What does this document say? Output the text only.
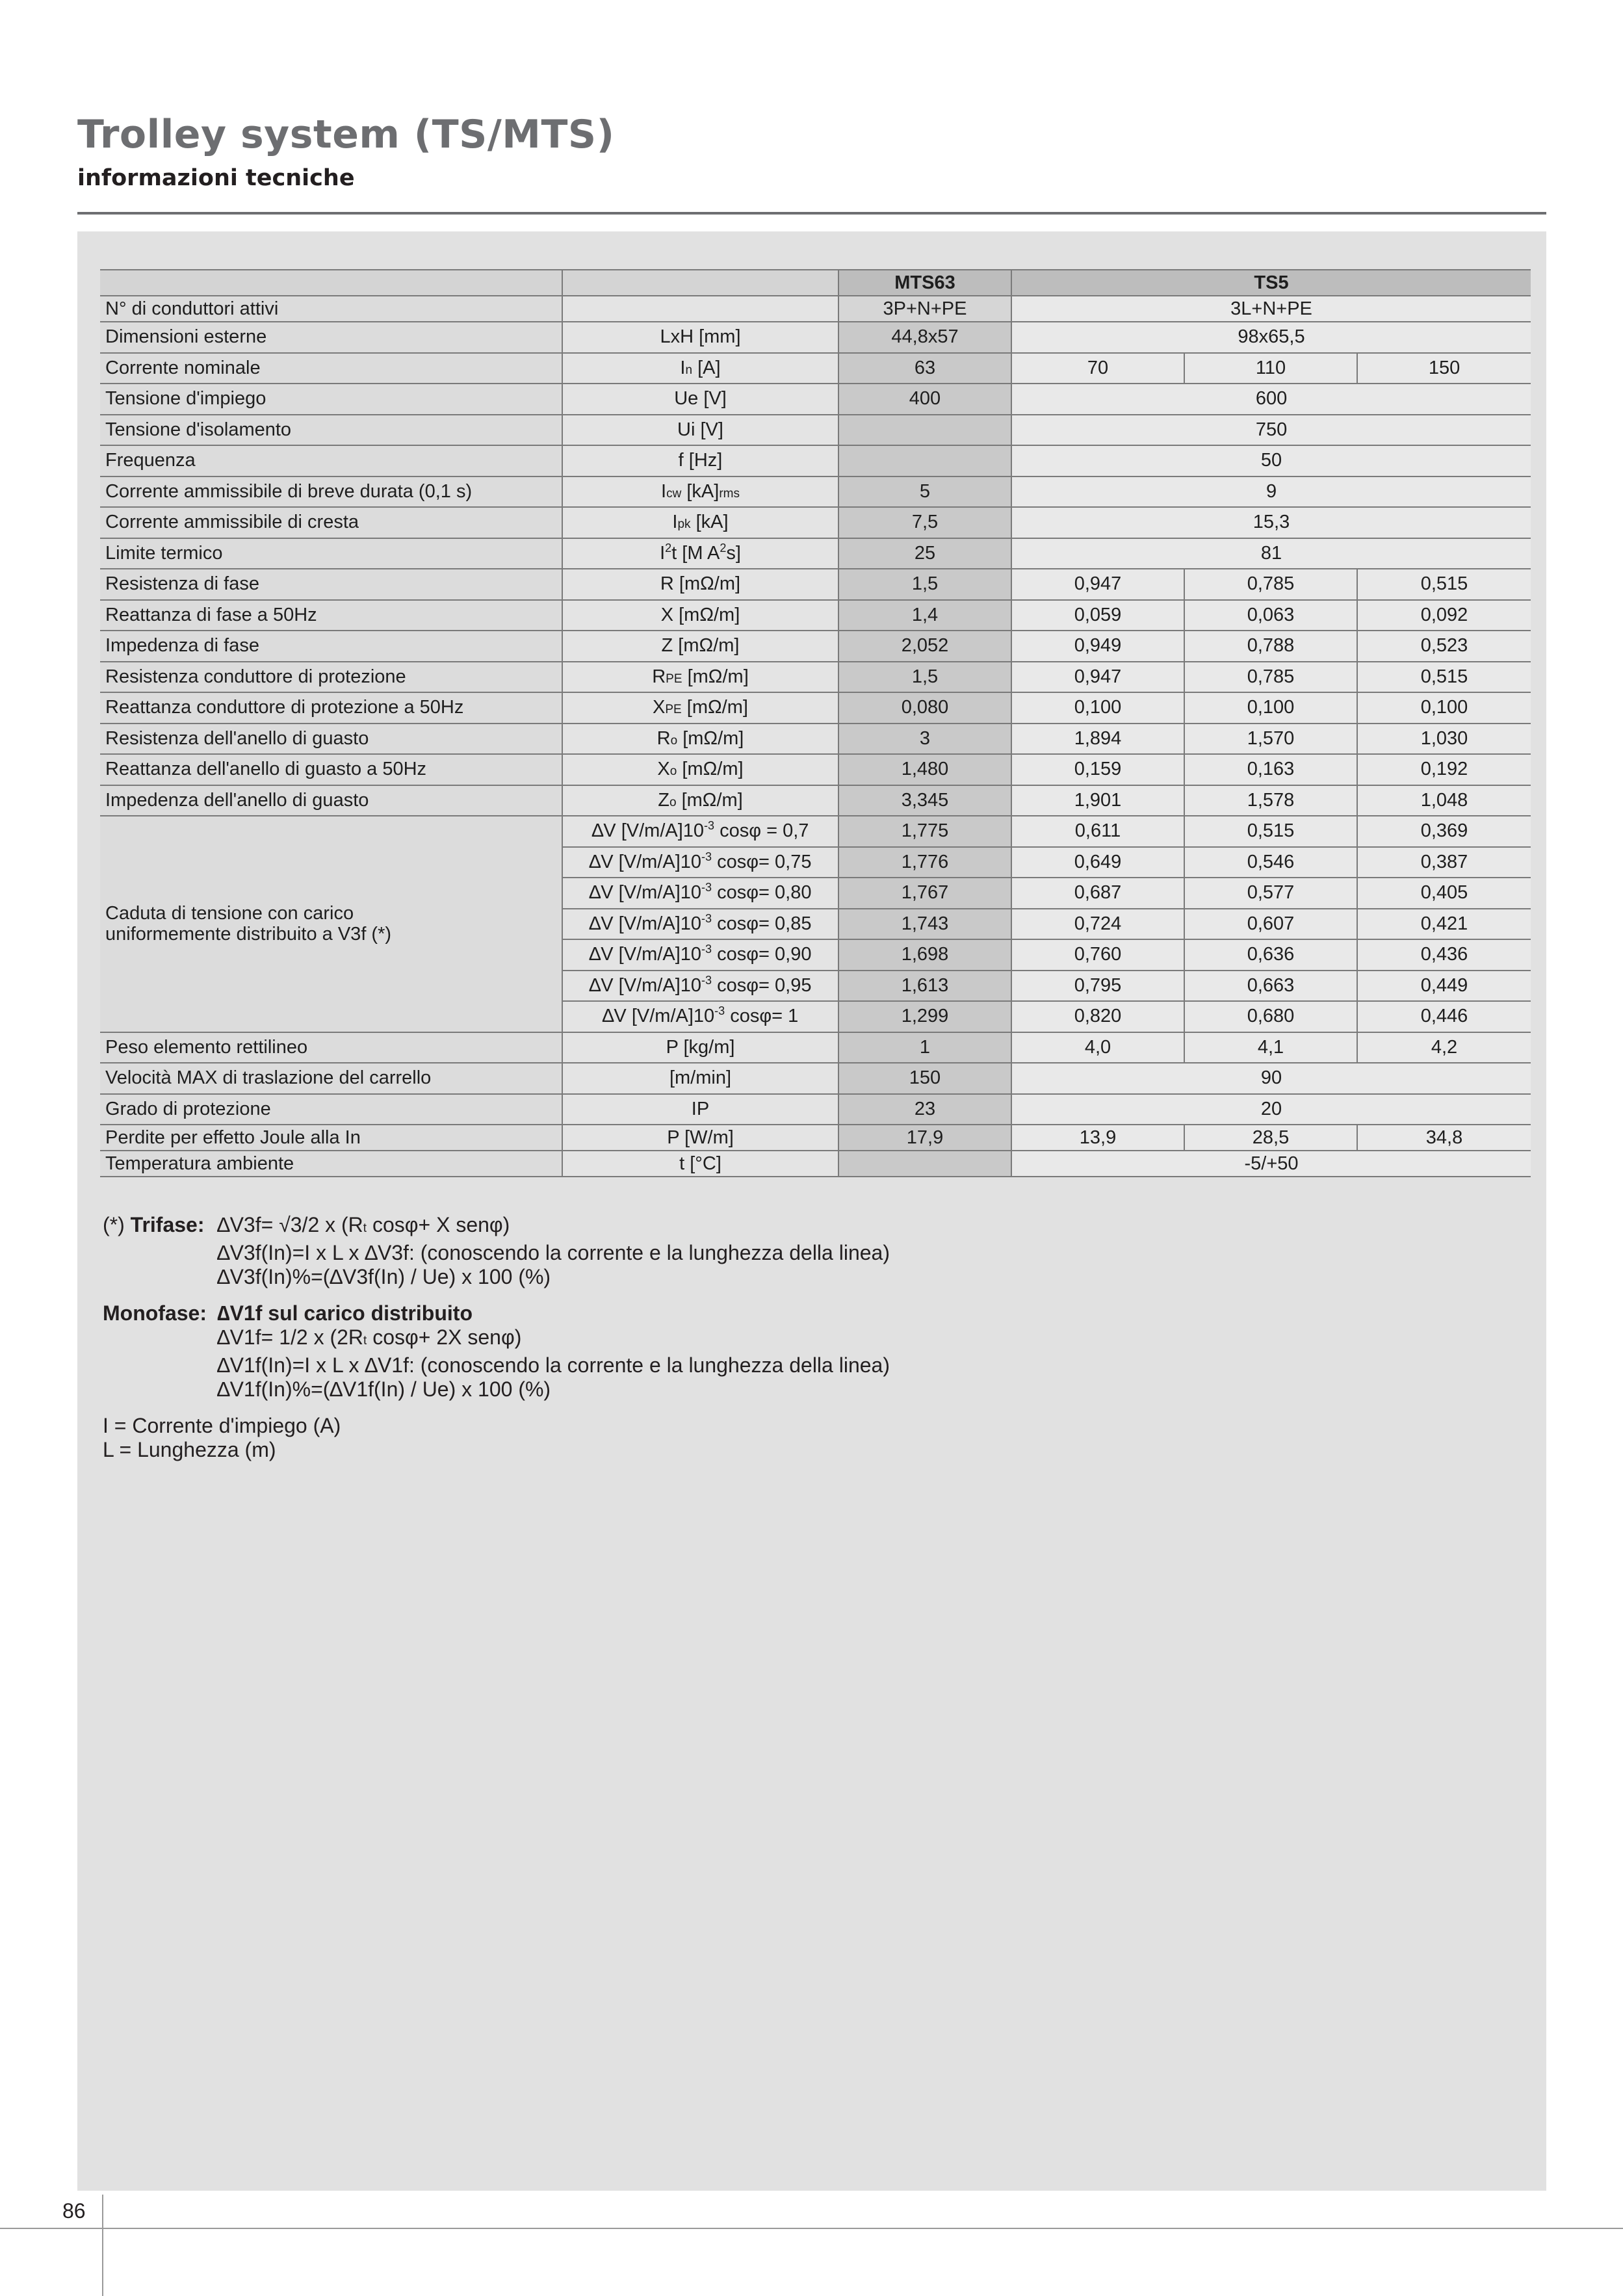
Trolley system (TS/MTS)
informazioni tecniche
		MTS63	TS5		
N° di conduttori attivi		3P+N+PE	3L+N+PE		
Dimensioni esterne	LxH [mm]	44,8x57	98x65,5		
Corrente nominale	In [A]	63	70	110	150
Tensione d'impiego	Ue [V]	400	600		
Tensione d'isolamento	Ui [V]		750		
Frequenza	f [Hz]		50		
Corrente ammissibile di breve durata (0,1 s)	Icw [kA]rms	5	9		
Corrente ammissibile di cresta	Ipk [kA]	7,5	15,3		
Limite termico	$I^2t$ [M $A^2s$]	25	81		
Resistenza di fase	R [mΩ/m]	1,5	0,947	0,785	0,515
Reattanza di fase a 50Hz	X [mΩ/m]	1,4	0,059	0,063	0,092
Impedenza di fase	Z [mΩ/m]	2,052	0,949	0,788	0,523
Resistenza conduttore di protezione	RPE [mΩ/m]	1,5	0,947	0,785	0,515
Reattanza conduttore di protezione a 50Hz	XPE [mΩ/m]	0,080	0,100	0,100	0,100
Resistenza dell'anello di guasto	Ro [mΩ/m]	3	1,894	1,570	1,030
Reattanza dell'anello di guasto a 50Hz	Xo [mΩ/m]	1,480	0,159	0,163	0,192
Impedenza dell'anello di guasto	Zo [mΩ/m]	3,345	1,901	1,578	1,048

Caduta di tensione con carico
uniformemente distribuito a V3f (*)	∆V $[V/m/A]10^{-3}$ cosφ = 0,7	1,775	0,611	0,515	0,369
	∆V $[V/m/A]10^{-3}$ cosφ= 0,75	1,776	0,649	0,546	0,387
	∆V $[V/m/A]10^{-3}$ cosφ= 0,80	1,767	0,687	0,577	0,405
	∆V $[V/m/A]10^{-3}$ cosφ= 0,85	1,743	0,724	0,607	0,421
	∆V $[V/m/A]10^{-3}$ cosφ= 0,90	1,698	0,760	0,636	0,436
	∆V $[V/m/A]10^{-3}$ cosφ= 0,95	1,613	0,795	0,663	0,449
	∆V $[V/m/A]10^{-3}$ cosφ= 1	1,299	0,820	0,680	0,446
Peso elemento rettilineo	P [kg/m]	1	4,0	4,1	4,2
Velocità MAX di traslazione del carrello	[m/min]	150	90		
Grado di protezione	IP	23	20		
Perdite per effetto Joule alla In	P [W/m]	17,9	13,9	28,5	34,8
Temperatura ambiente	t [°C]		-5/+50		
(*) Trifase: ∆V3f= √3/2 x (Rt cosφ+ X senφ)
∆V3f(In)=I x L x ∆V3f: (conoscendo la corrente e la lunghezza della linea)
∆V3f(In)%=(∆V3f(In) / Ue) x 100 (%)
Monofase: ∆V1f sul carico distribuito
∆V1f= 1/2 x (2Rt cosφ+ 2X senφ)
∆V1f(In)=I x L x ∆V1f: (conoscendo la corrente e la lunghezza della linea)
∆V1f(In)%=(∆V1f(In) / Ue) x 100 (%)
I = Corrente d'impiego (A)
L = Lunghezza (m)
86
